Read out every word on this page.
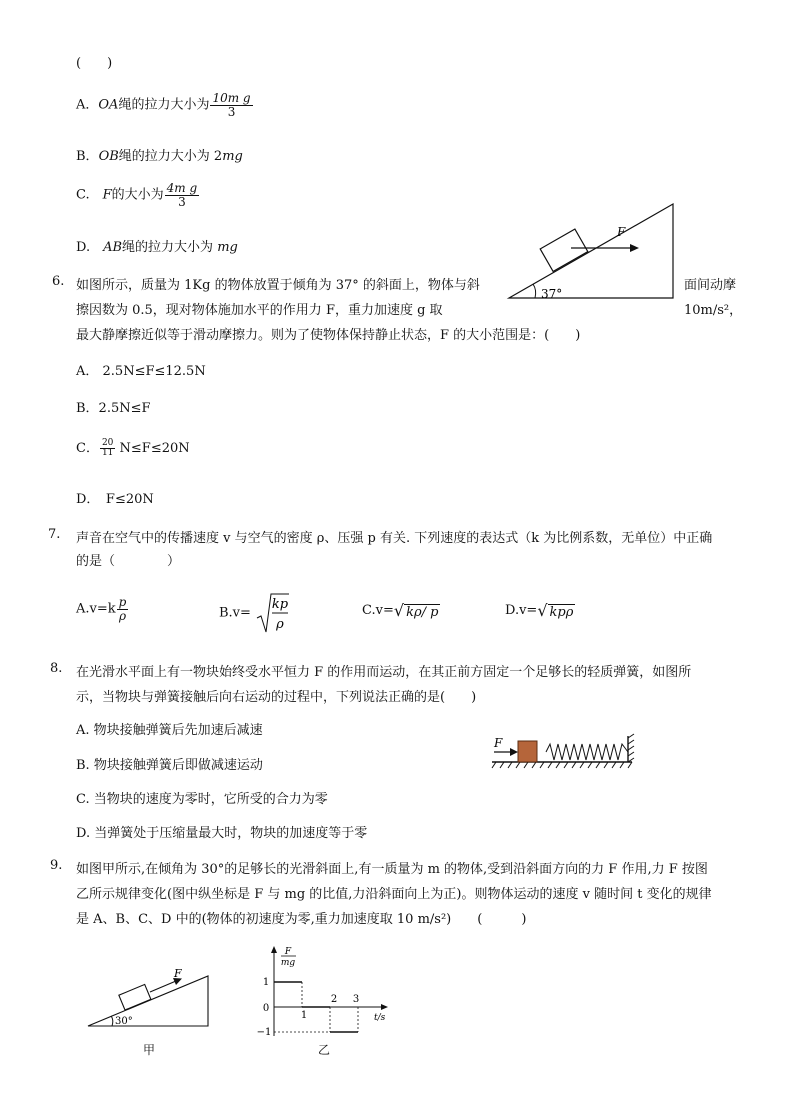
(　　)
A．OA绳的拉力大小为 $\frac{\text{10m g}}{3}$
B．OB绳的拉力大小为 2mg
C.　F的大小为 $\frac{\text{4m g}}{3}$
D.　AB绳的拉力大小为 mg
F
37°
6. 如图所示，质量为 1Kg 的物体放置于倾角为 37° 的斜面上，物体与斜	面间动摩
擦因数为 0.5，现对物体施加水平的作用力 F，重力加速度 g 取	10m/s²，
最大静摩擦近似等于滑动摩擦力。则为了使物体保持静止状态，F 的大小范围是：(　　)
A． 2.5N≤F≤12.5N
B．2.5N≤F
C． $\frac{20}{11} N\le F\le 20N$
D．　F≤20N
7. 声音在空气中的传播速度 v 与空气的密度 ρ、压强 p 有关. 下列速度的表达式（k 为比例系数，无单位）中正确
的是（　　　　）
$A.v=k \frac{p}{\rho}$	B.v=
kp
ρ
C.v=√ kρ/ p	D.v=√ kpρ
8. 在光滑水平面上有一物块始终受水平恒力 F 的作用而运动，在其正前方固定一个足够长的轻质弹簧，如图所
示，当物块与弹簧接触后向右运动的过程中，下列说法正确的是(　　)
A. 物块接触弹簧后先加速后减速
B. 物块接触弹簧后即做减速运动
C. 当物块的速度为零时，它所受的合力为零
D. 当弹簧处于压缩量最大时，物块的加速度等于零
F
9. 如图甲所示,在倾角为 30°的足够长的光滑斜面上,有一质量为 m 的物体,受到沿斜面方向的力 F 作用,力 F 按图
乙所示规律变化(图中纵坐标是 F 与 mg 的比值,力沿斜面向上为正)。则物体运动的速度 v 随时间 t 变化的规律
是 A、B、C、D 中的(物体的初速度为零,重力加速度取 10 m/s²)　　(　　　)
F
30°
甲
F
mg
1
0
−1
1
2 3
t/s
乙
